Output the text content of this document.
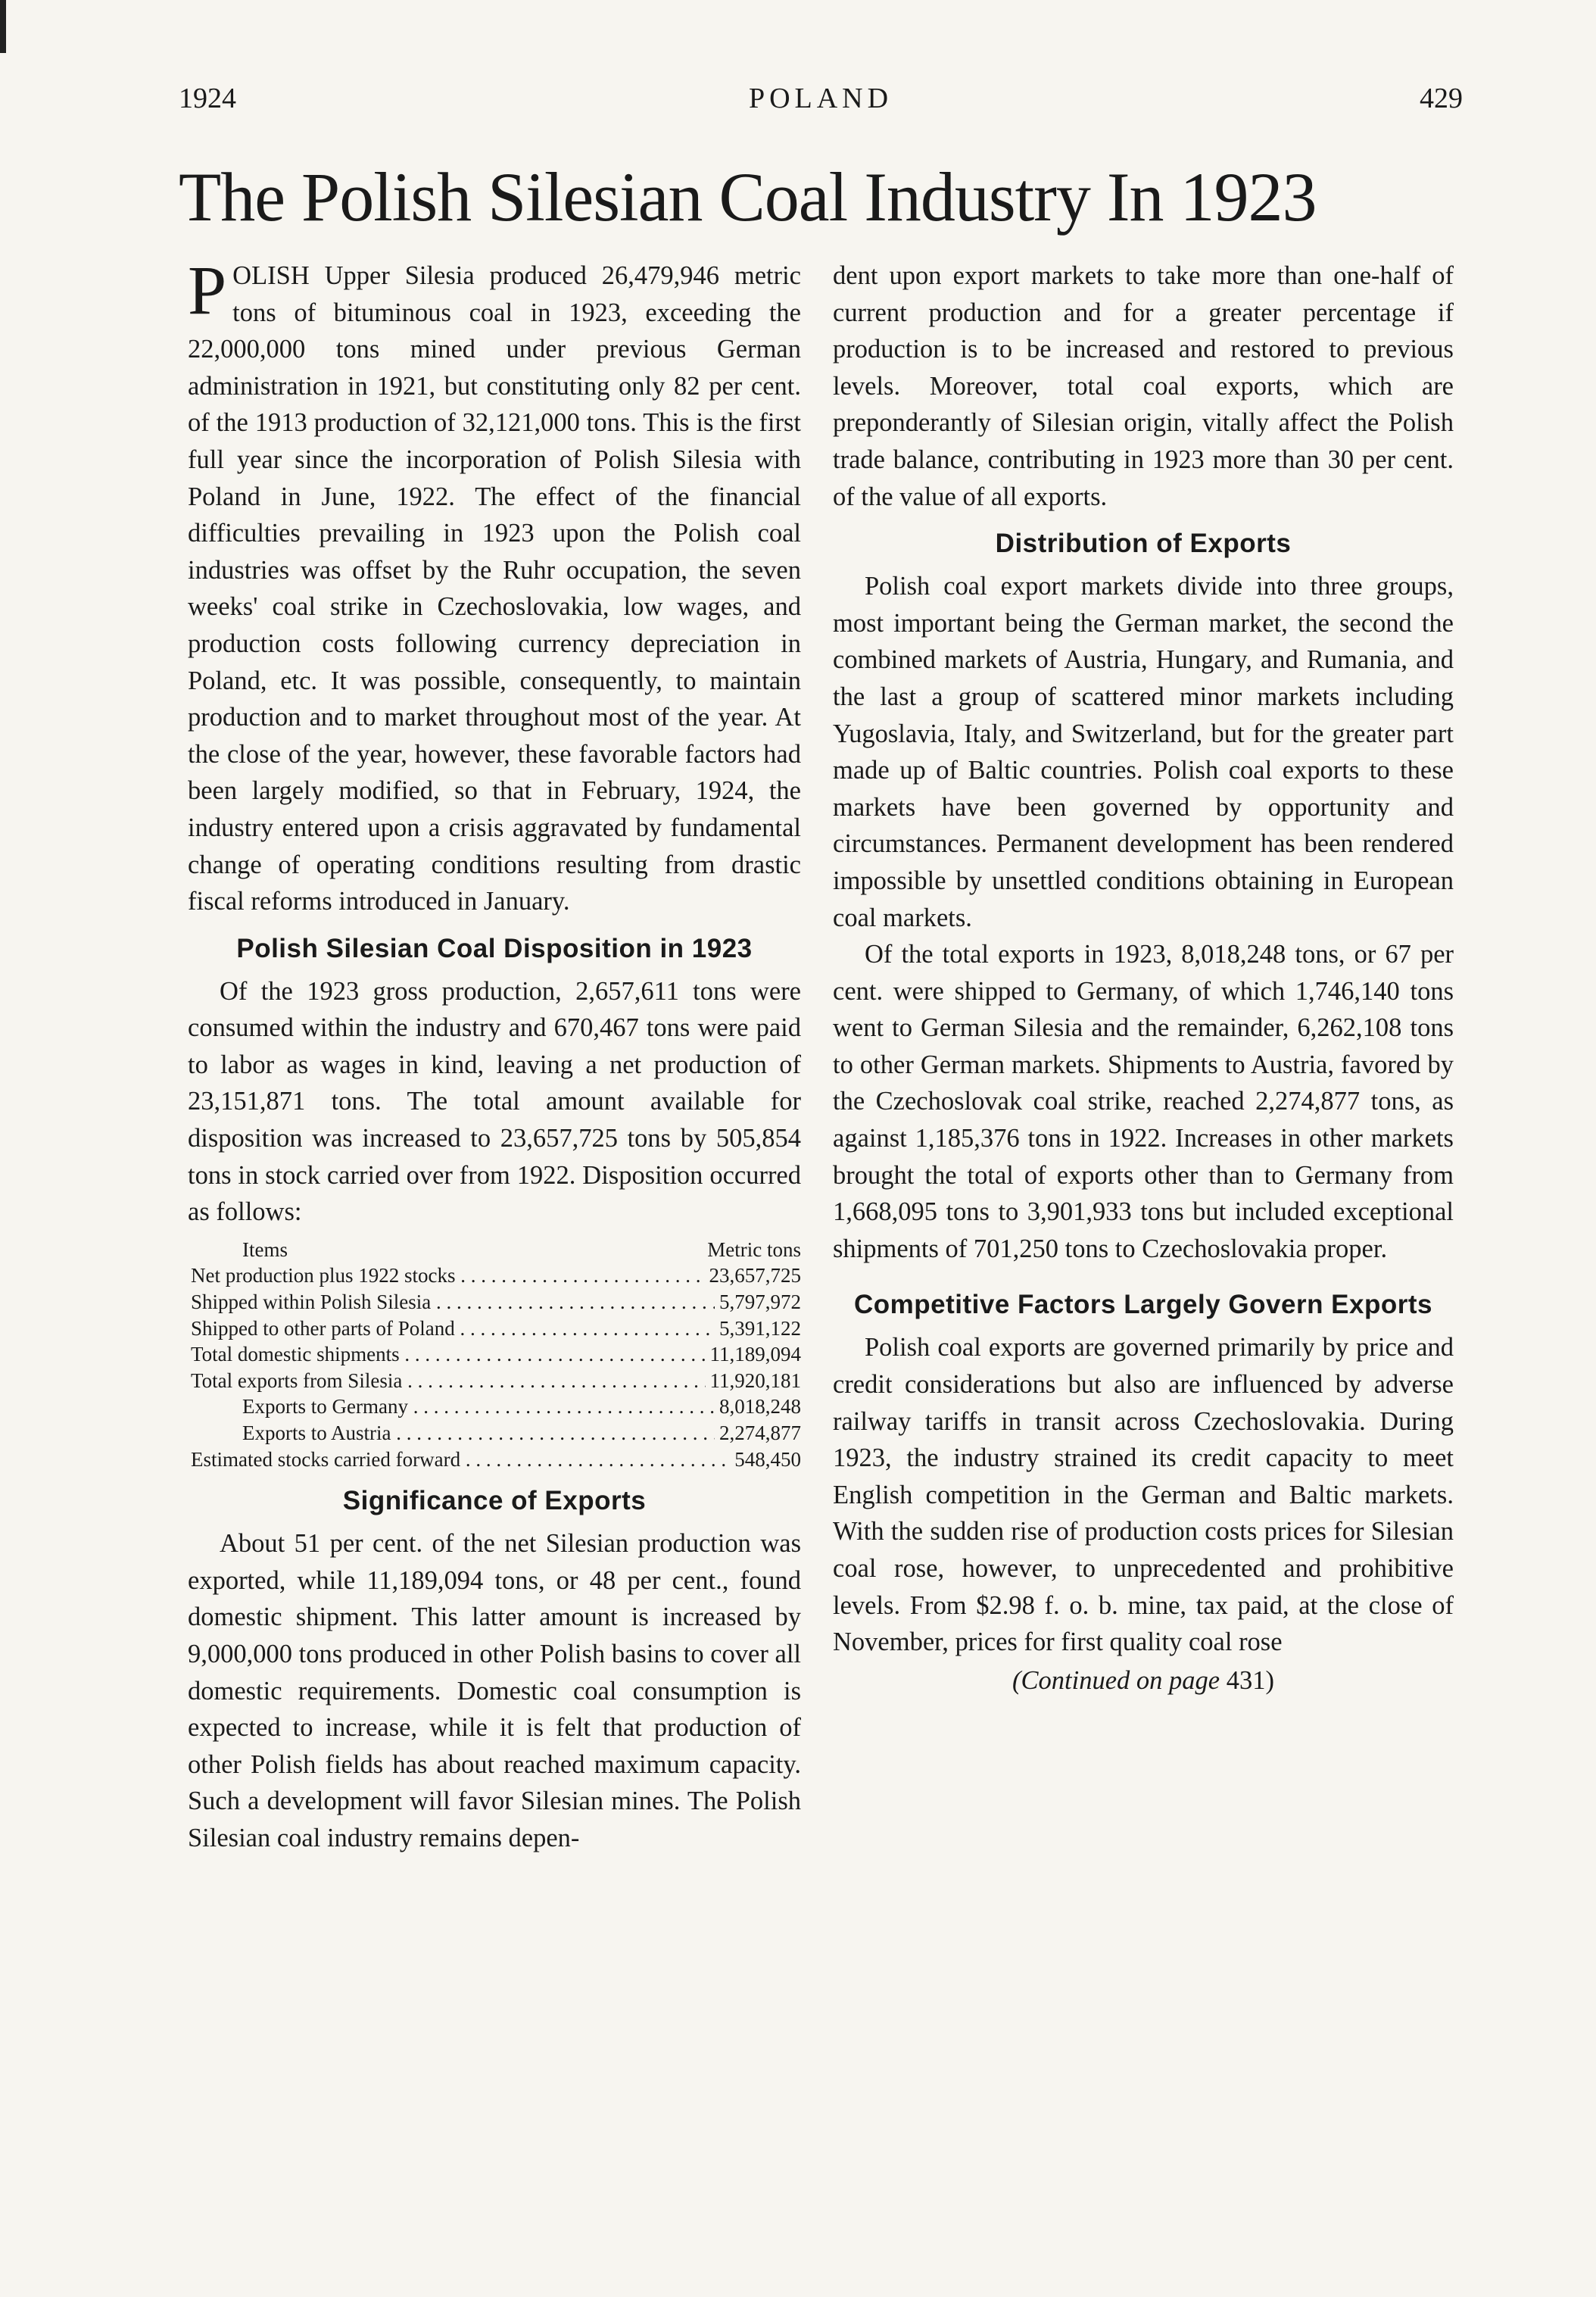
1924	POLAND	429
The Polish Silesian Coal Industry In 1923

POLISH Upper Silesia produced 26,479,946 metric tons of bituminous coal in 1923, exceeding the 22,000,000 tons mined under previous German administration in 1921, but constituting only 82 per cent. of the 1913 production of 32,121,000 tons. This is the first full year since the incorporation of Polish Silesia with Poland in June, 1922. The effect of the financial difficulties prevailing in 1923 upon the Polish coal industries was offset by the Ruhr occupation, the seven weeks' coal strike in Czechoslovakia, low wages, and production costs following currency depreciation in Poland, etc. It was possible, consequently, to maintain production and to market throughout most of the year. At the close of the year, however, these favorable factors had been largely modified, so that in February, 1924, the industry entered upon a crisis aggravated by fundamental change of operating conditions resulting from drastic fiscal reforms introduced in January.

Polish Silesian Coal Disposition in 1923

Of the 1923 gross production, 2,657,611 tons were consumed within the industry and 670,467 tons were paid to labor as wages in kind, leaving a net production of 23,151,871 tons. The total amount available for disposition was increased to 23,657,725 tons by 505,854 tons in stock carried over from 1922. Disposition occurred as follows:

Items	Metric tons
Net production plus 1922 stocks . . .	23,657,725
Shipped within Polish Silesia . . .	5,797,972
Shipped to other parts of Poland . . .	5,391,122
Total domestic shipments . . .	11,189,094
Total exports from Silesia . . .	11,920,181
Exports to Germany . . .	8,018,248
Exports to Austria . . .	2,274,877
Estimated stocks carried forward . . .	548,450
Significance of Exports

About 51 per cent. of the net Silesian production was exported, while 11,189,094 tons, or 48 per cent., found domestic shipment. This latter amount is increased by 9,000,000 tons produced in other Polish basins to cover all domestic requirements. Domestic coal consumption is expected to increase, while it is felt that production of other Polish fields has about reached maximum capacity. Such a development will favor Silesian mines. The Polish Silesian coal industry remains depen-

dent upon export markets to take more than one-half of current production and for a greater percentage if production is to be increased and restored to previous levels. Moreover, total coal exports, which are preponderantly of Silesian origin, vitally affect the Polish trade balance, contributing in 1923 more than 30 per cent. of the value of all exports.

Distribution of Exports

Polish coal export markets divide into three groups, most important being the German market, the second the combined markets of Austria, Hungary, and Rumania, and the last a group of scattered minor markets including Yugoslavia, Italy, and Switzerland, but for the greater part made up of Baltic countries. Polish coal exports to these markets have been governed by opportunity and circumstances. Permanent development has been rendered impossible by unsettled conditions obtaining in European coal markets.

Of the total exports in 1923, 8,018,248 tons, or 67 per cent. were shipped to Germany, of which 1,746,140 tons went to German Silesia and the remainder, 6,262,108 tons to other German markets. Shipments to Austria, favored by the Czechoslovak coal strike, reached 2,274,877 tons, as against 1,185,376 tons in 1922. Increases in other markets brought the total of exports other than to Germany from 1,668,095 tons to 3,901,933 tons but included exceptional shipments of 701,250 tons to Czechoslovakia proper.

Competitive Factors Largely Govern Exports

Polish coal exports are governed primarily by price and credit considerations but also are influenced by adverse railway tariffs in transit across Czechoslovakia. During 1923, the industry strained its credit capacity to meet English competition in the German and Baltic markets. With the sudden rise of production costs prices for Silesian coal rose, however, to unprecedented and prohibitive levels. From $2.98 f. o. b. mine, tax paid, at the close of November, prices for first quality coal rose

(Continued on page 431)
